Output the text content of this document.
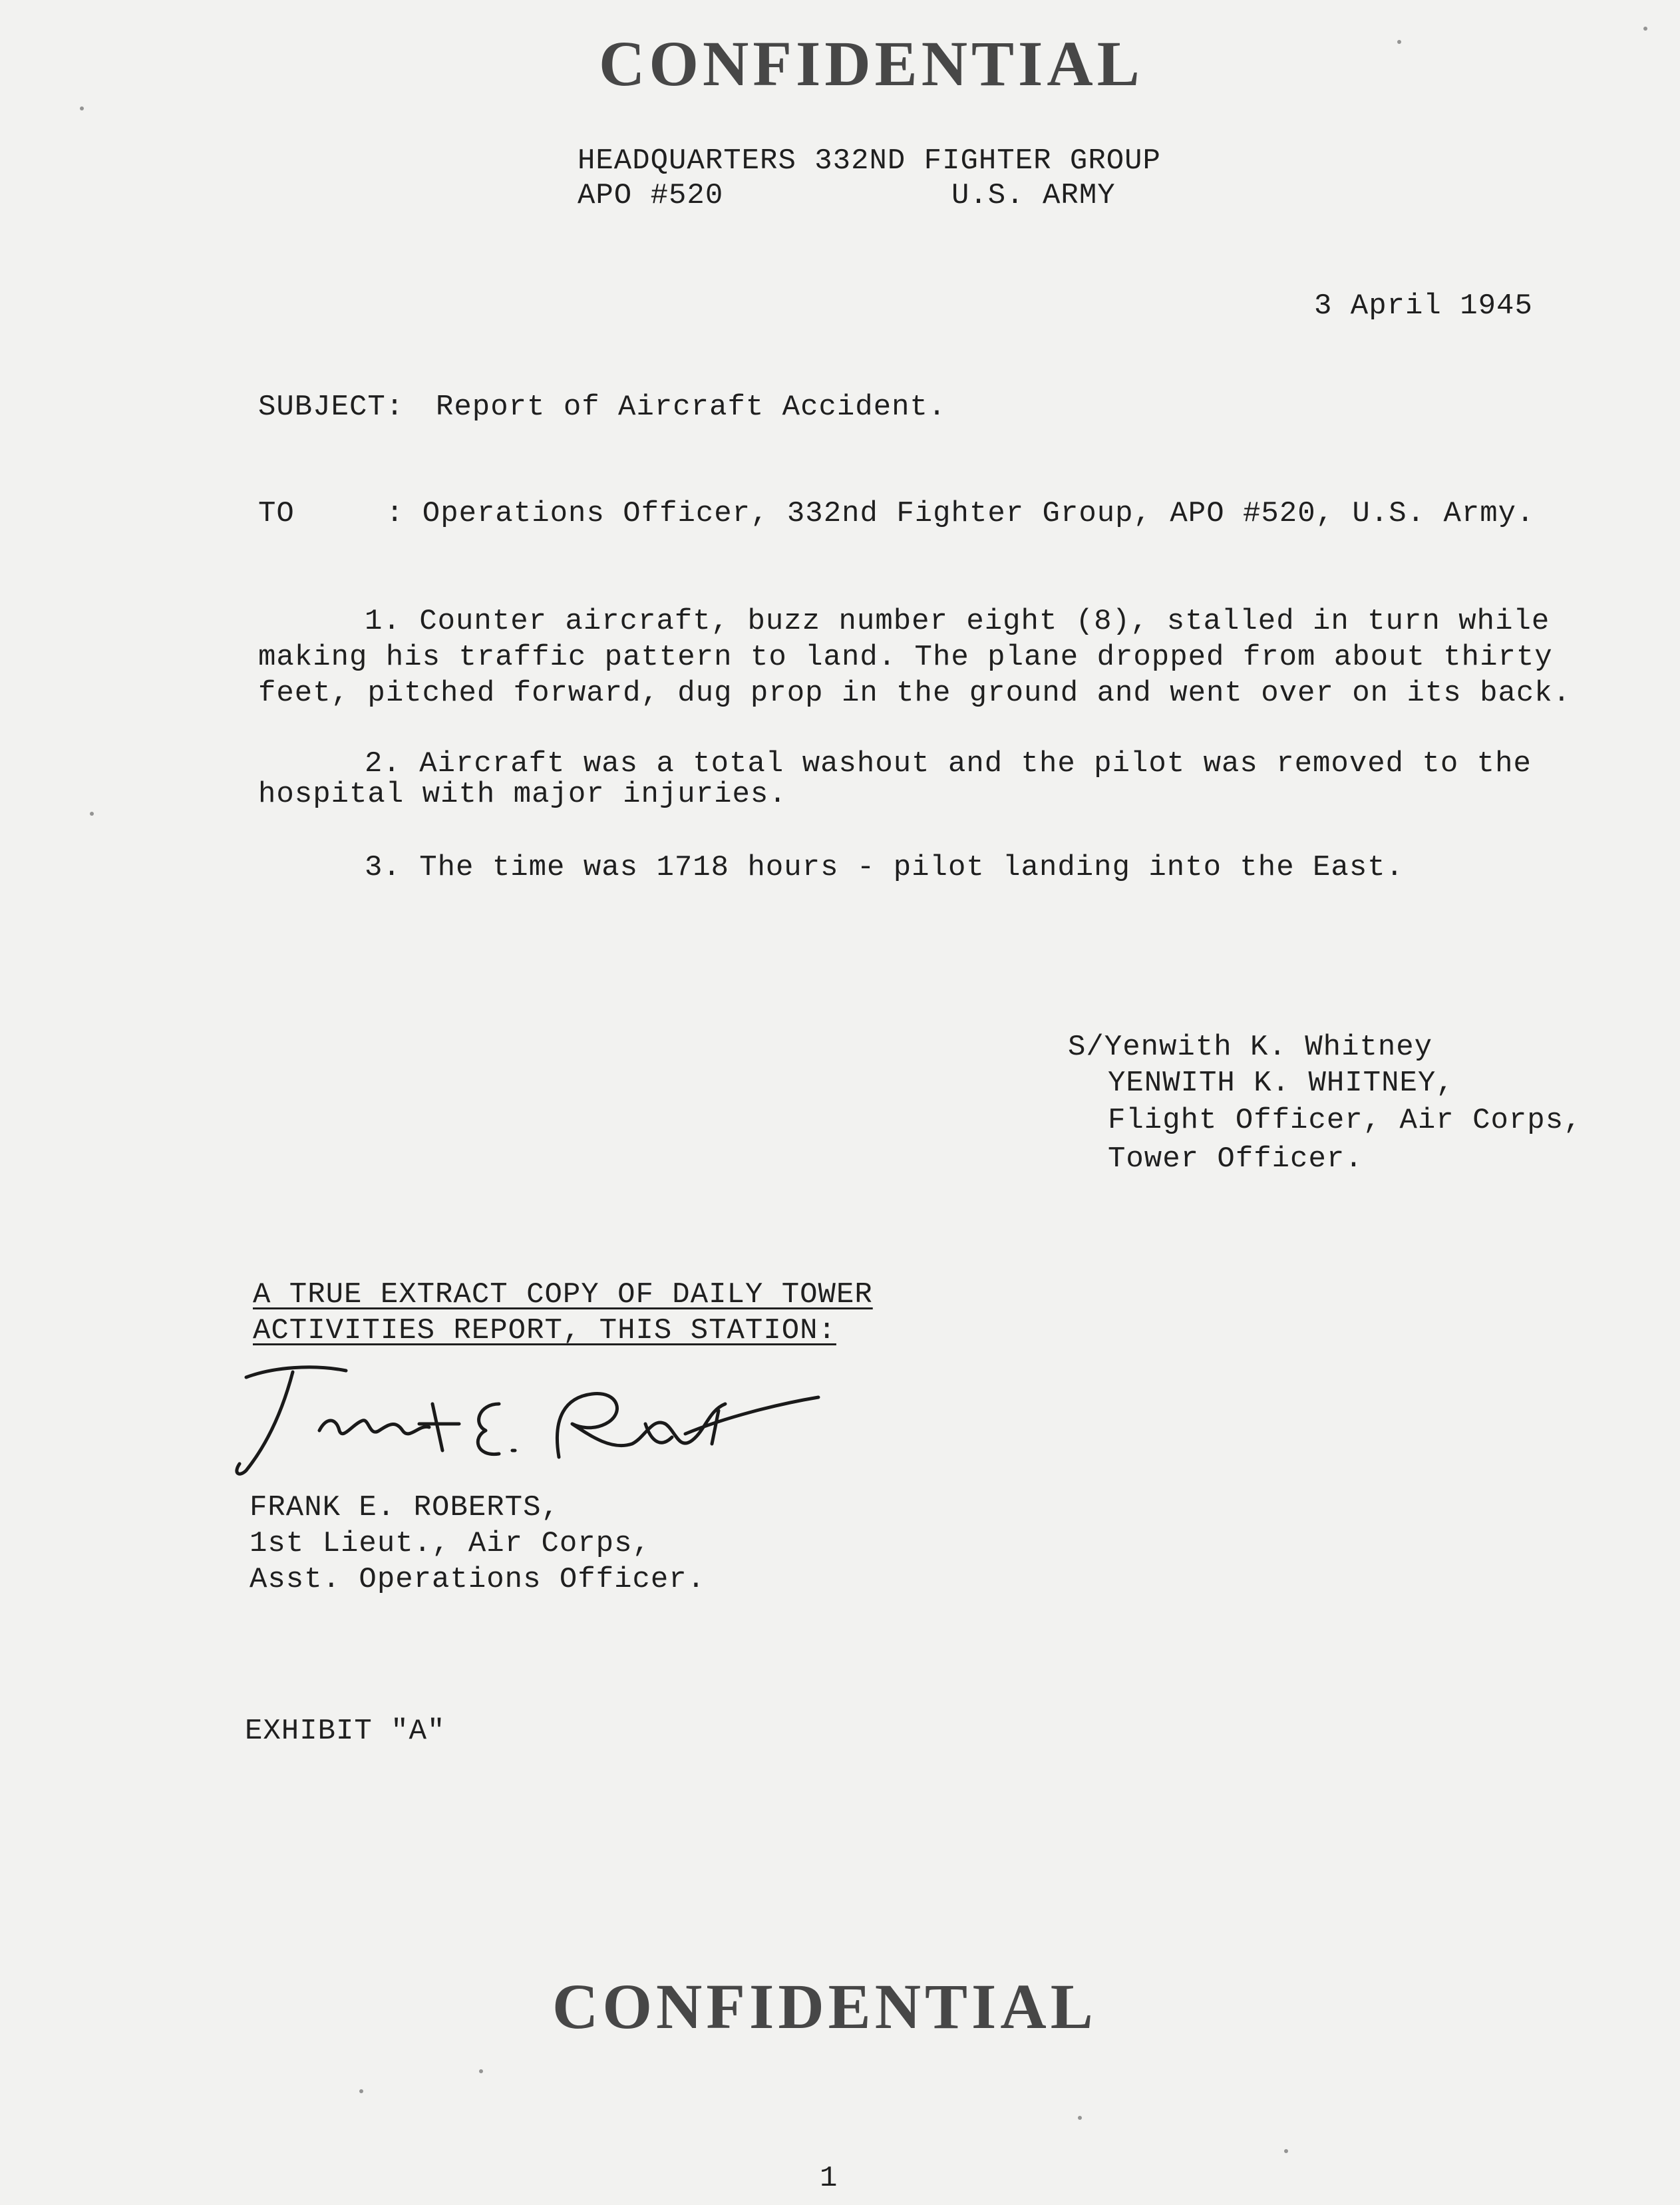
CONFIDENTIAL
HEADQUARTERS 332ND FIGHTER GROUP
APO #520	U.S. ARMY
3 April 1945
SUBJECT: Report of Aircraft Accident.
TO	: Operations Officer, 332nd Fighter Group, APO #520, U.S. Army.
1. Counter aircraft, buzz number eight (8), stalled in turn while
making his traffic pattern to land. The plane dropped from about thirty
feet, pitched forward, dug prop in the ground and went over on its back.
2. Aircraft was a total washout and the pilot was removed to the
hospital with major injuries.
3. The time was 1718 hours - pilot landing into the East.
S/Yenwith K. Whitney
YENWITH K. WHITNEY,
Flight Officer, Air Corps,
Tower Officer.
A TRUE EXTRACT COPY OF DAILY TOWER
ACTIVITIES REPORT, THIS STATION:
FRANK E. ROBERTS,
1st Lieut., Air Corps,
Asst. Operations Officer.
EXHIBIT "A"
CONFIDENTIAL
1
